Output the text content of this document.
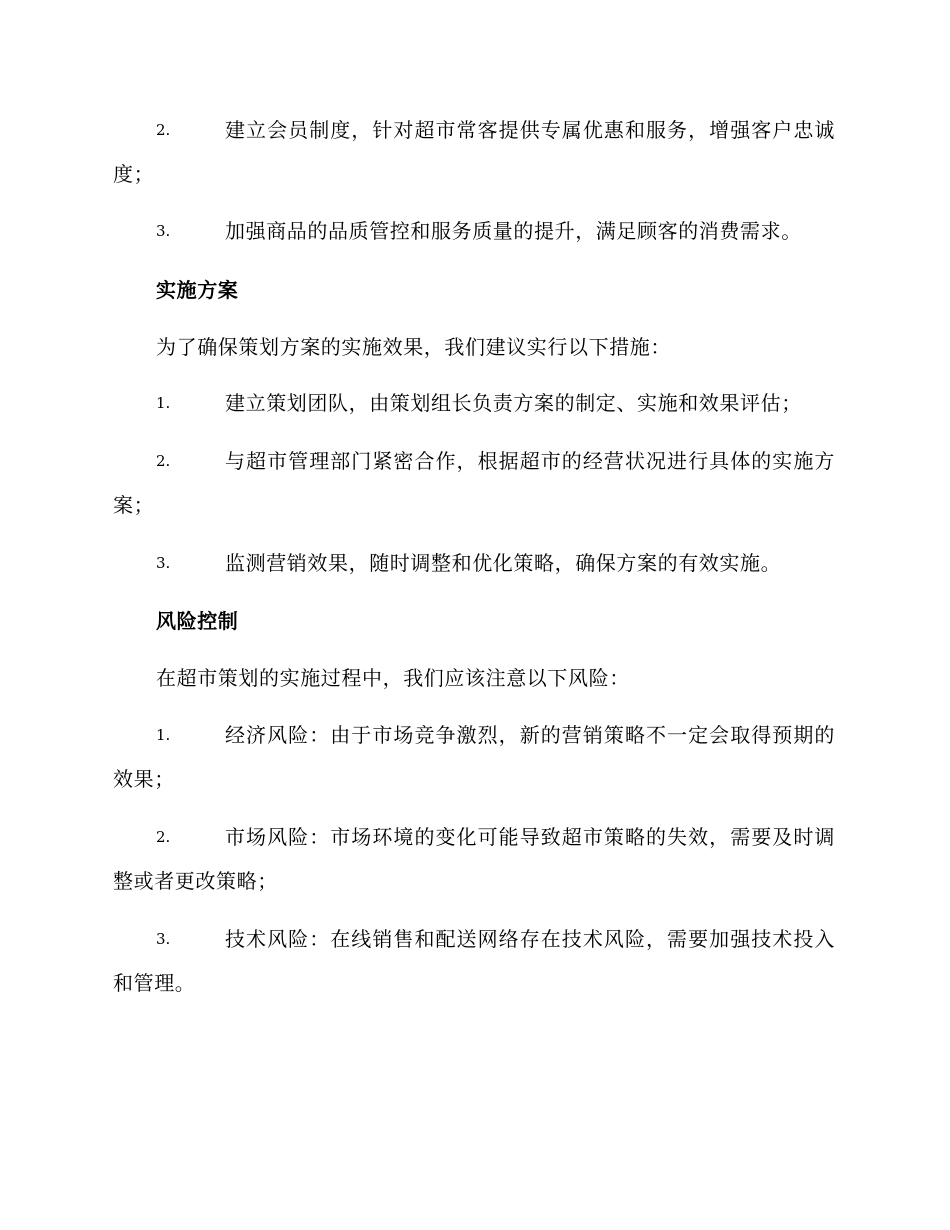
2.	建立会员制度，针对超市常客提供专属优惠和服务，增强客户忠诚度；
3.	加强商品的品质管控和服务质量的提升，满足顾客的消费需求。
实施方案
为了确保策划方案的实施效果，我们建议实行以下措施：
1.	建立策划团队，由策划组长负责方案的制定、实施和效果评估；
2.	与超市管理部门紧密合作，根据超市的经营状况进行具体的实施方案；
3.	监测营销效果，随时调整和优化策略，确保方案的有效实施。
风险控制
在超市策划的实施过程中，我们应该注意以下风险：
1.	经济风险：由于市场竞争激烈，新的营销策略不一定会取得预期的效果；
2.	市场风险：市场环境的变化可能导致超市策略的失效，需要及时调整或者更改策略；
3.	技术风险：在线销售和配送网络存在技术风险，需要加强技术投入和管理。
